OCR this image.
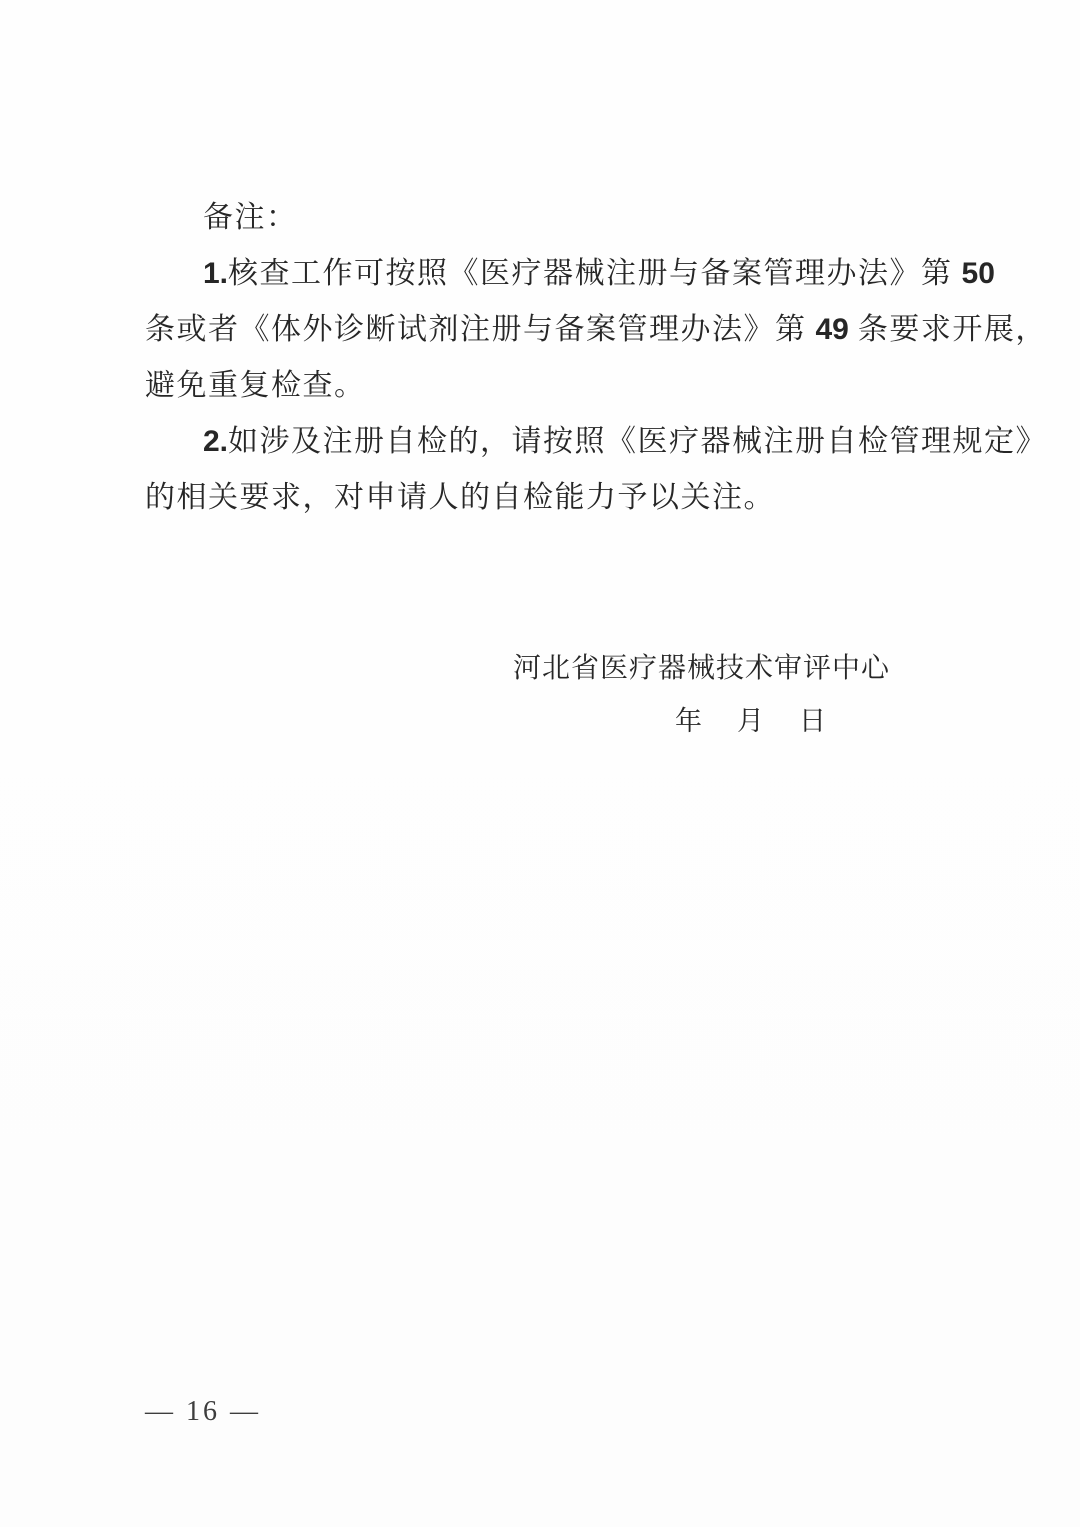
备注：
1.核查工作可按照《医疗器械注册与备案管理办法》第 50
条或者《体外诊断试剂注册与备案管理办法》第 49 条要求开展，
避免重复检查。
2.如涉及注册自检的，请按照《医疗器械注册自检管理规定》
的相关要求，对申请人的自检能力予以关注。
河北省医疗器械技术审评中心
年　月　日
— 16 —
